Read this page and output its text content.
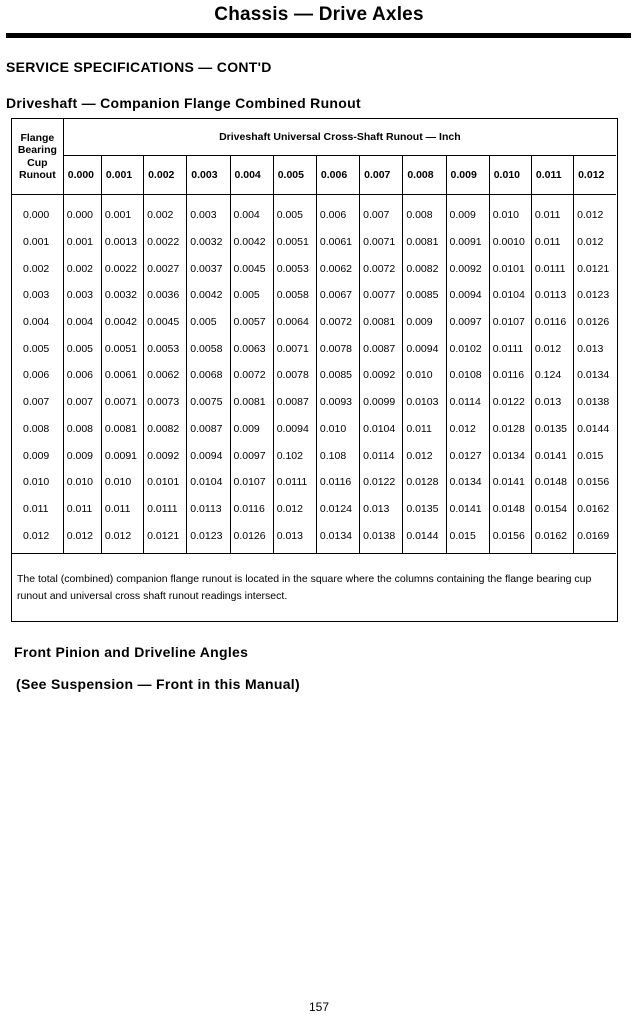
Chassis — Drive Axles
SERVICE SPECIFICATIONS — CONT'D
Driveshaft — Companion Flange Combined Runout
Flange
Bearing
Cup
Runout	Driveshaft Universal Cross-Shaft Runout — Inch												
	0.000	0.001	0.002	0.003	0.004	0.005	0.006	0.007	0.008	0.009	0.010	0.011	0.012

0.000	0.000	0.001	0.002	0.003	0.004	0.005	0.006	0.007	0.008	0.009	0.010	0.011	0.012
0.001	0.001	0.0013	0.0022	0.0032	0.0042	0.0051	0.0061	0.0071	0.0081	0.0091	0.0010	0.011	0.012
0.002	0.002	0.0022	0.0027	0.0037	0.0045	0.0053	0.0062	0.0072	0.0082	0.0092	0.0101	0.0111	0.0121
0.003	0.003	0.0032	0.0036	0.0042	0.005	0.0058	0.0067	0.0077	0.0085	0.0094	0.0104	0.0113	0.0123
0.004	0.004	0.0042	0.0045	0.005	0.0057	0.0064	0.0072	0.0081	0.009	0.0097	0.0107	0.0116	0.0126
0.005	0.005	0.0051	0.0053	0.0058	0.0063	0.0071	0.0078	0.0087	0.0094	0.0102	0.0111	0.012	0.013
0.006	0.006	0.0061	0.0062	0.0068	0.0072	0.0078	0.0085	0.0092	0.010	0.0108	0.0116	0.124	0.0134
0.007	0.007	0.0071	0.0073	0.0075	0.0081	0.0087	0.0093	0.0099	0.0103	0.0114	0.0122	0.013	0.0138
0.008	0.008	0.0081	0.0082	0.0087	0.009	0.0094	0.010	0.0104	0.011	0.012	0.0128	0.0135	0.0144
0.009	0.009	0.0091	0.0092	0.0094	0.0097	0.102	0.108	0.0114	0.012	0.0127	0.0134	0.0141	0.015
0.010	0.010	0.010	0.0101	0.0104	0.0107	0.0111	0.0116	0.0122	0.0128	0.0134	0.0141	0.0148	0.0156
0.011	0.011	0.011	0.0111	0.0113	0.0116	0.012	0.0124	0.013	0.0135	0.0141	0.0148	0.0154	0.0162
0.012	0.012	0.012	0.0121	0.0123	0.0126	0.013	0.0134	0.0138	0.0144	0.015	0.0156	0.0162	0.0169

The total (combined) companion flange runout is located in the square where the columns containing the flange bearing cup runout and universal cross shaft runout readings intersect.
Front Pinion and Driveline Angles
(See Suspension — Front in this Manual)
157
